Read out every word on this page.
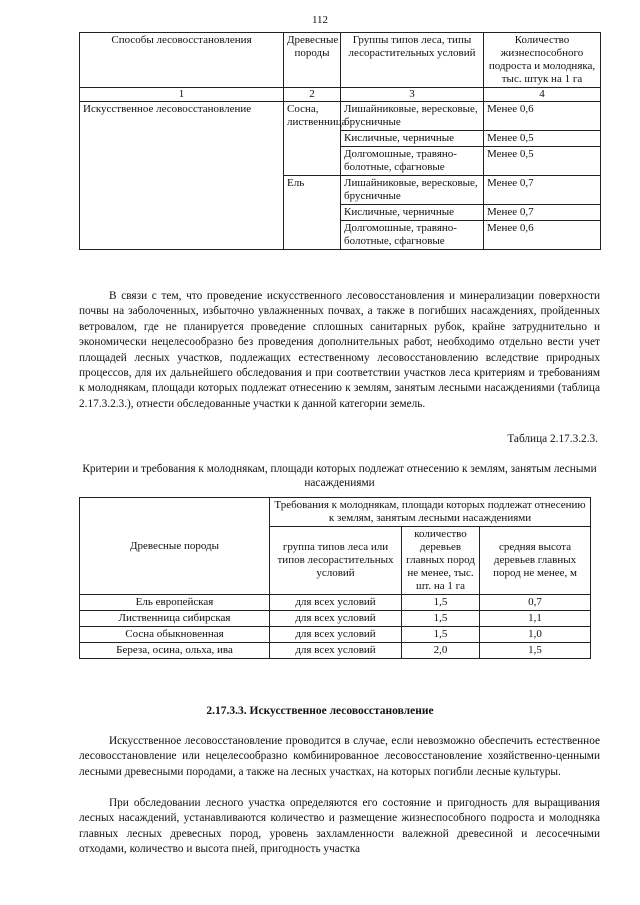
112
Способы лесовосстановления	Древесные породы	Группы типов леса, типы лесорастительных условий	Количество жизнеспособного подроста и молодняка, тыс. штук на 1 га
1	2	3	4
Искусственное лесовосстановление	Сосна, лиственница	Лишайниковые, вересковые, брусничные	Менее 0,6
		Кисличные, черничные	Менее 0,5
		Долгомошные, травяно-болотные, сфагновые	Менее 0,5
	Ель	Лишайниковые, вересковые, брусничные	Менее 0,7
		Кисличные, черничные	Менее 0,7
		Долгомошные, травяно-болотные, сфагновые	Менее 0,6

В связи с тем, что проведение искусственного лесовосстановления и минерализации поверхности почвы на заболоченных, избыточно увлажненных почвах, а также в погибших насаждениях, пройденных ветровалом, где не планируется проведение сплошных санитарных рубок, крайне затруднительно и экономически нецелесообразно без проведения дополнительных работ, необходимо отдельно вести учет площадей лесных участков, подлежащих естественному лесовосстановлению вследствие природных процессов, для их дальнейшего обследования и при соответствии участков леса критериям и требованиям к молоднякам, площади которых подлежат отнесению к землям, занятым лесными насаждениями (таблица 2.17.3.2.3.), отнести обследованные участки к данной категории земель.

Таблица 2.17.3.2.3.
Критерии и требования к молоднякам, площади которых подлежат отнесению к землям, занятым лесными насаждениями
Древесные породы	Требования к молоднякам, площади которых подлежат отнесению к землям, занятым лесными насаждениями		
	группа типов леса или типов лесорастительных условий	количество деревьев главных пород не менее, тыс. шт. на 1 га	средняя высота деревьев главных пород не менее, м
Ель европейская	для всех условий	1,5	0,7
Лиственница сибирская	для всех условий	1,5	1,1
Сосна обыкновенная	для всех условий	1,5	1,0
Береза, осина, ольха, ива	для всех условий	2,0	1,5
2.17.3.3. Искусственное лесовосстановление

Искусственное лесовосстановление проводится в случае, если невозможно обеспечить естественное лесовосстановление или нецелесообразно комбинированное лесовосстановление хозяйственно-ценными лесными древесными породами, а также на лесных участках, на которых погибли лесные культуры.

При обследовании лесного участка определяются его состояние и пригодность для выращивания лесных насаждений, устанавливаются количество и размещение жизнеспособного подроста и молодняка главных лесных древесных пород, уровень захламленности валежной древесиной и лесосечными отходами, количество и высота пней, пригодность участка
